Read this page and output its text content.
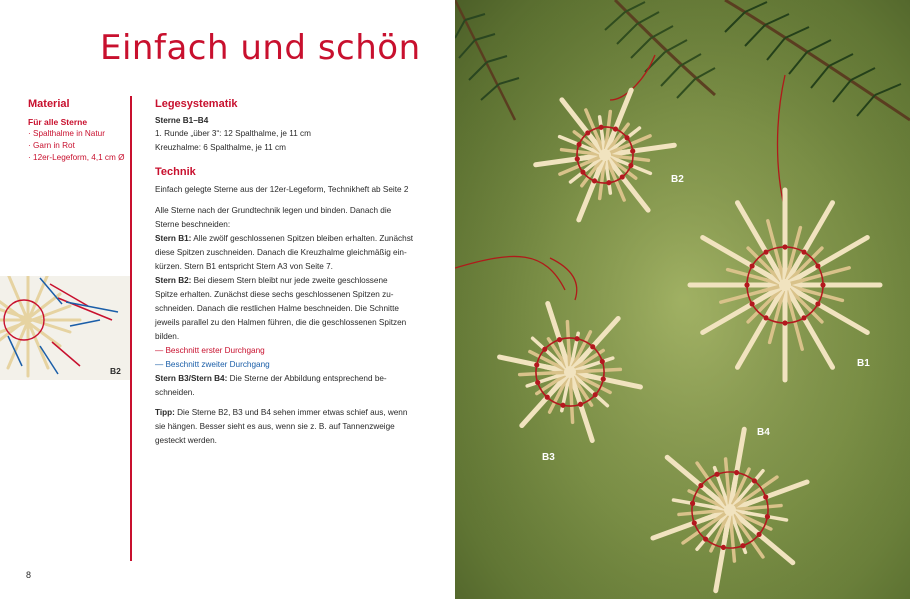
Einfach und schön
Material
Für alle Sterne
· Spalthalme in Natur
· Garn in Rot
· 12er-Legeform, 4,1 cm Ø
Legesystematik
Sterne B1–B4
1. Runde „über 3“: 12 Spalthalme, je 11 cm
Kreuzhalme: 6 Spalthalme, je 11 cm
Technik
Einfach gelegte Sterne aus der 12er-Legeform, Technikheft ab Seite 2
Alle Sterne nach der Grundtechnik legen und binden. Danach die
Sterne beschneiden:
Stern B1: Alle zwölf geschlossenen Spitzen bleiben erhalten. Zunächst
diese Spitzen zuschneiden. Danach die Kreuzhalme gleichmäßig ein-
kürzen. Stern B1 entspricht Stern A3 von Seite 7.
Stern B2: Bei diesem Stern bleibt nur jede zweite geschlossene
Spitze erhalten. Zunächst diese sechs geschlossenen Spitzen zu-
schneiden. Danach die restlichen Halme beschneiden. Die Schnitte
jeweils parallel zu den Halmen führen, die die geschlossenen Spitzen
bilden.
— Beschnitt erster Durchgang
— Beschnitt zweiter Durchgang
Stern B3/Stern B4: Die Sterne der Abbildung entsprechend be-
schneiden.
Tipp: Die Sterne B2, B3 und B4 sehen immer etwas schief aus, wenn
sie hängen. Besser sieht es aus, wenn sie z. B. auf Tannenzweige
gesteckt werden.
B2
8
B2
B1
B3
B4
